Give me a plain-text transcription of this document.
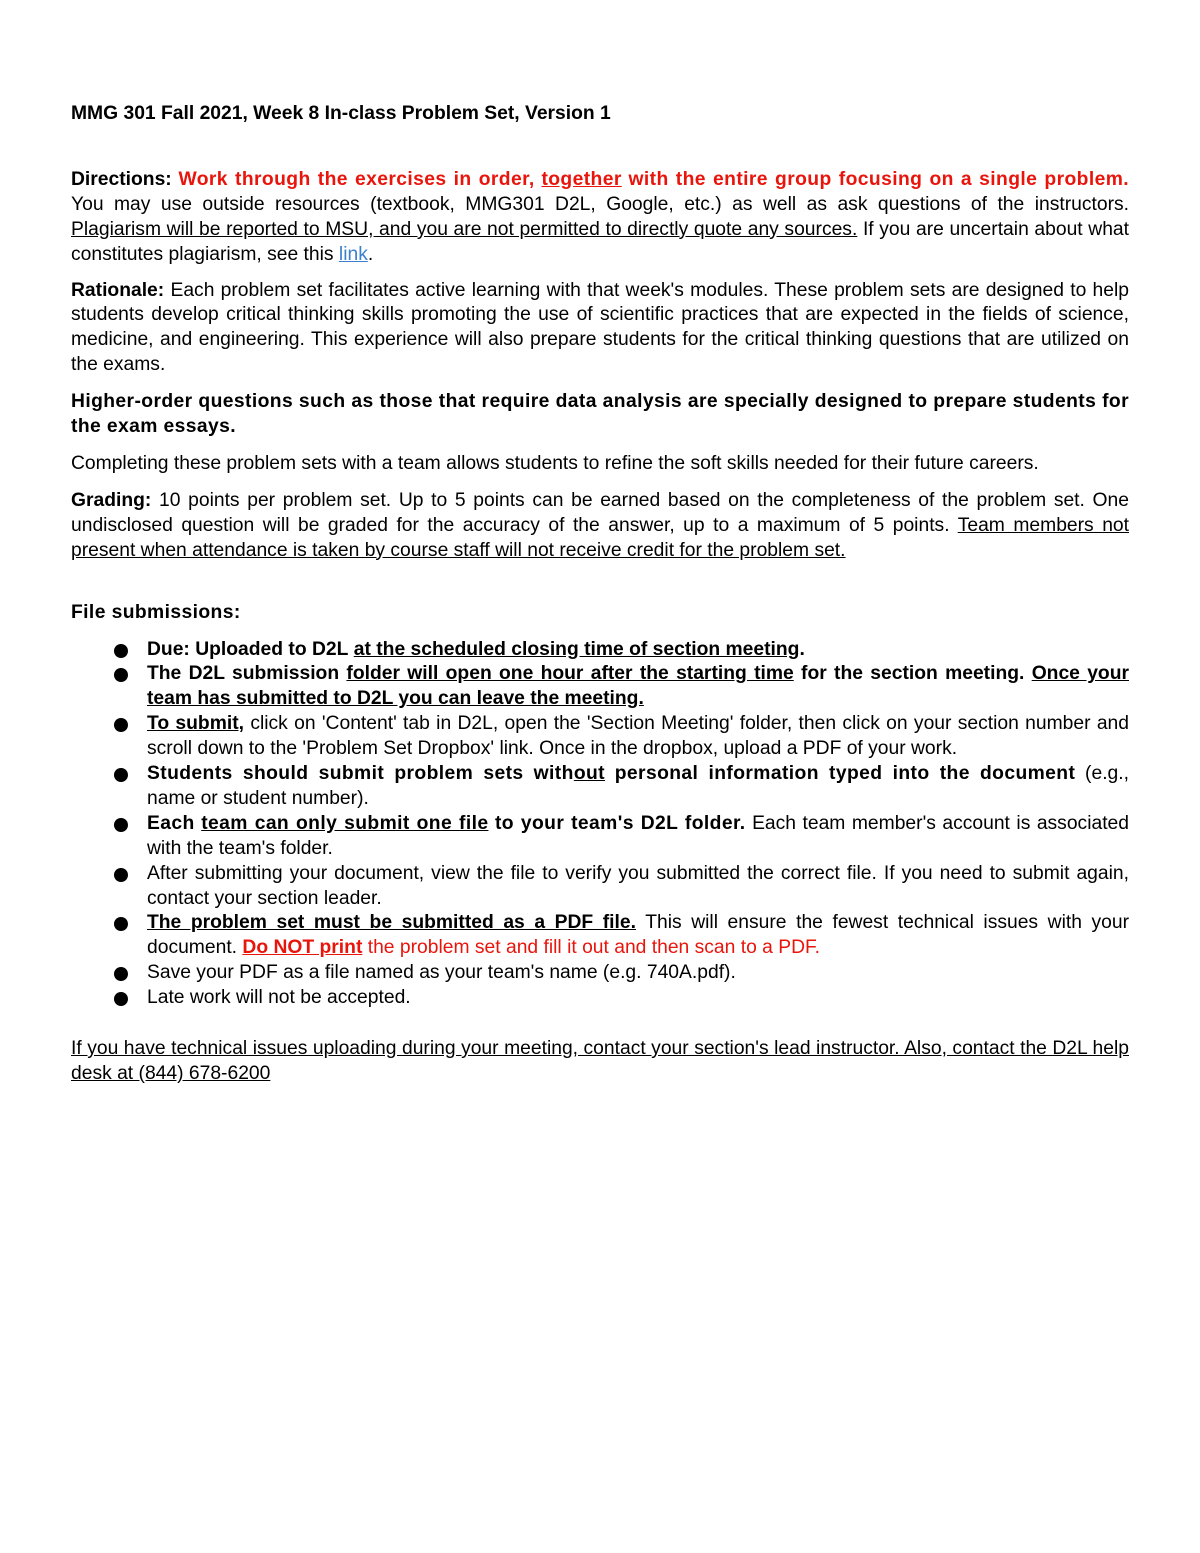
MMG 301 Fall 2021, Week 8 In-class Problem Set, Version 1

Directions: Work through the exercises in order, together with the entire group focusing on a single problem. You may use outside resources (textbook, MMG301 D2L, Google, etc.) as well as ask questions of the instructors. Plagiarism will be reported to MSU, and you are not permitted to directly quote any sources. If you are uncertain about what constitutes plagiarism, see this link.

Rationale: Each problem set facilitates active learning with that week's modules. These problem sets are designed to help students develop critical thinking skills promoting the use of scientific practices that are expected in the fields of science, medicine, and engineering. This experience will also prepare students for the critical thinking questions that are utilized on the exams.

Higher-order questions such as those that require data analysis are specially designed to prepare students for the exam essays.

Completing these problem sets with a team allows students to refine the soft skills needed for their future careers.

Grading: 10 points per problem set. Up to 5 points can be earned based on the completeness of the problem set. One undisclosed question will be graded for the accuracy of the answer, up to a maximum of 5 points. Team members not present when attendance is taken by course staff will not receive credit for the problem set.

File submissions:

Due: Uploaded to D2L at the scheduled closing time of section meeting.
The D2L submission folder will open one hour after the starting time for the section meeting. Once your team has submitted to D2L you can leave the meeting.
To submit, click on 'Content' tab in D2L, open the 'Section Meeting' folder, then click on your section number and scroll down to the 'Problem Set Dropbox' link. Once in the dropbox, upload a PDF of your work.
Students should submit problem sets without personal information typed into the document (e.g., name or student number).
Each team can only submit one file to your team's D2L folder. Each team member's account is associated with the team's folder.
After submitting your document, view the file to verify you submitted the correct file. If you need to submit again, contact your section leader.
The problem set must be submitted as a PDF file. This will ensure the fewest technical issues with your document. Do NOT print the problem set and fill it out and then scan to a PDF.
Save your PDF as a file named as your team's name (e.g. 740A.pdf).
Late work will not be accepted.

If you have technical issues uploading during your meeting, contact your section's lead instructor. Also, contact the D2L help desk at (844) 678-6200
